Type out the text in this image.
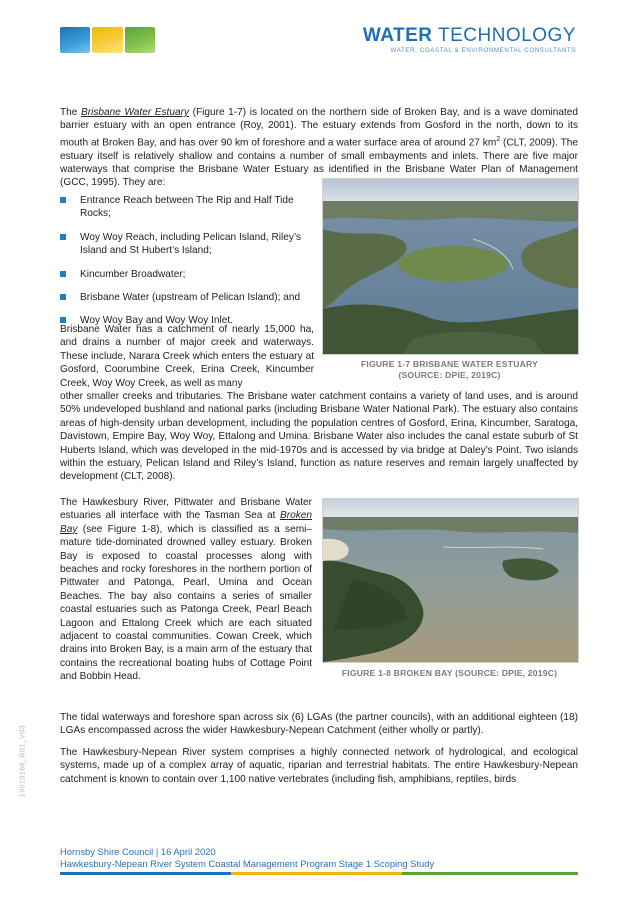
WATER TECHNOLOGY
WATER, COASTAL & ENVIRONMENTAL CONSULTANTS

The Brisbane Water Estuary (Figure 1-7) is located on the northern side of Broken Bay, and is a wave dominated barrier estuary with an open entrance (Roy, 2001). The estuary extends from Gosford in the north, down to its mouth at Broken Bay, and has over 90 km of foreshore and a water surface area of around 27 $km^2$ (CLT, 2009). The estuary itself is relatively shallow and contains a number of small embayments and inlets. There are five major waterways that comprise the Brisbane Water Estuary as identified in the Brisbane Water Plan of Management (GCC, 1995). They are:

Entrance Reach between The Rip and Half Tide Rocks;
Woy Woy Reach, including Pelican Island, Riley’s Island and St Hubert’s Island;
Kincumber Broadwater;
Brisbane Water (upstream of Pelican Island); and
Woy Woy Bay and Woy Woy Inlet.

Brisbane Water has a catchment of nearly 15,000 ha, and drains a number of major creek and waterways. These include, Narara Creek which enters the estuary at Gosford, Coorumbine Creek, Erina Creek, Kincumber Creek, Woy Woy Creek, as well as many

FIGURE 1-7 BRISBANE WATER ESTUARY
(SOURCE: DPIE, 2019C)

other smaller creeks and tributaries. The Brisbane water catchment contains a variety of land uses, and is around 50% undeveloped bushland and national parks (including Brisbane Water National Park). The estuary also contains areas of high-density urban development, including the population centres of Gosford, Erina, Kincumber, Saratoga, Davistown, Empire Bay, Woy Woy, Ettalong and Umina. Brisbane Water also includes the canal estate suburb of St Huberts Island, which was developed in the mid-1970s and is accessed by via bridge at Daley’s Point. Two islands within the estuary, Pelican Island and Riley’s Island, function as nature reserves and remain largely unaffected by development (CLT, 2008).

The Hawkesbury River, Pittwater and Brisbane Water estuaries all interface with the Tasman Sea at Broken Bay (see Figure 1-8), which is classified as a semi–mature tide-dominated drowned valley estuary. Broken Bay is exposed to coastal processes along with beaches and rocky foreshores in the northern portion of Pittwater and Patonga, Pearl, Umina and Ocean Beaches. The bay also contains a series of smaller coastal estuaries such as Patonga Creek, Pearl Beach Lagoon and Ettalong Creek which are each situated adjacent to coastal communities. Cowan Creek, which drains into Broken Bay, is a main arm of the estuary that contains the recreational boating hubs of Cottage Point and Bobbin Head.	FIGURE 1-8 BROKEN BAY (SOURCE: DPIE, 2019C)

The tidal waterways and foreshore span across six (6) LGAs (the partner councils), with an additional eighteen (18) LGAs encompassed across the wider Hawkesbury-Nepean Catchment (either wholly or partly).

The Hawkesbury-Nepean River system comprises a highly connected network of hydrological, and ecological systems, made up of a complex array of aquatic, riparian and terrestrial habitats. The entire Hawkesbury-Nepean catchment is known to contain over 1,100 native vertebrates (including fish, amphibians, reptiles, birds

19010168_R01_V03
Hornsby Shire Council | 16 April 2020
Hawkesbury-Nepean River System Coastal Management Program Stage 1 Scoping Study
